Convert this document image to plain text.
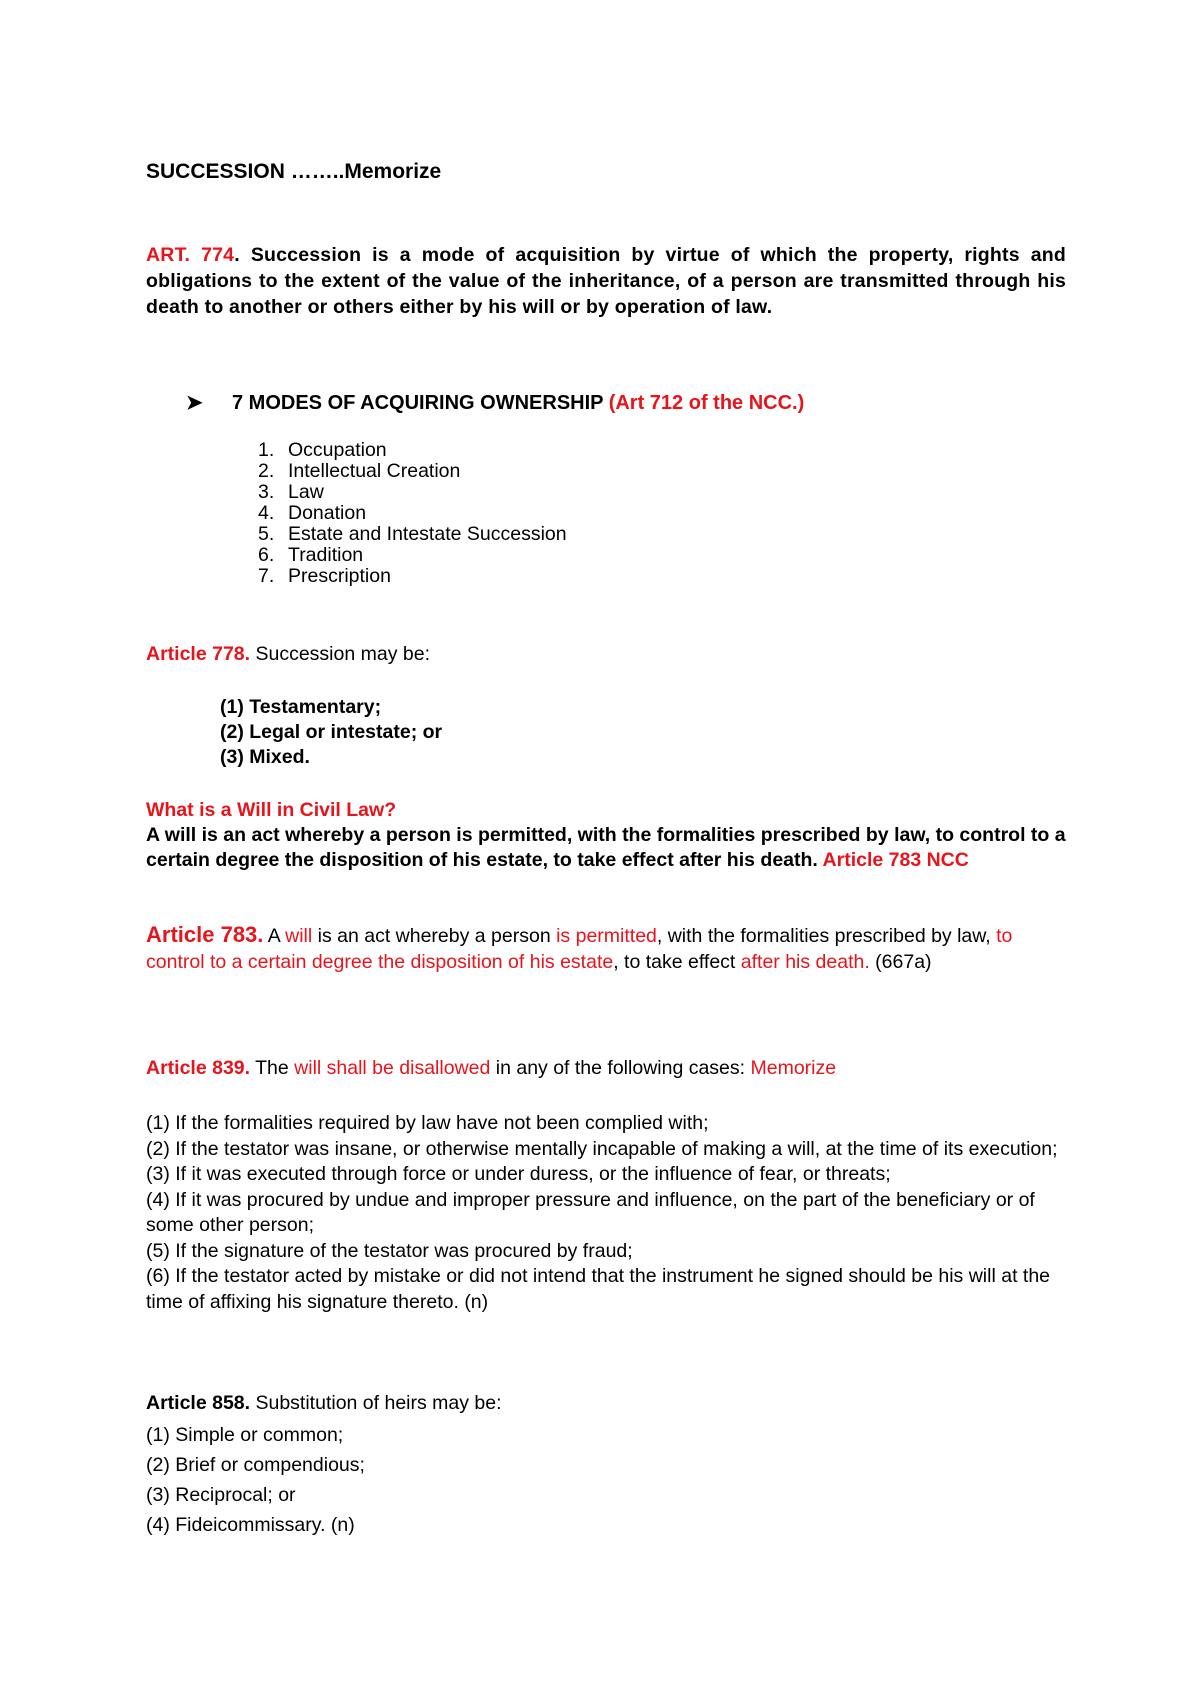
SUCCESSION ……..Memorize
ART. 774. Succession is a mode of acquisition by virtue of which the property, rights and obligations to the extent of the value of the inheritance, of a person are transmitted through his death to another or others either by his will or by operation of law.
➤ 7 MODES OF ACQUIRING OWNERSHIP (Art 712 of the NCC.)
1. Occupation
2. Intellectual Creation
3. Law
4. Donation
5. Estate and Intestate Succession
6. Tradition
7. Prescription
Article 778. Succession may be:
(1) Testamentary;
(2) Legal or intestate; or
(3) Mixed.
What is a Will in Civil Law?
A will is an act whereby a person is permitted, with the formalities prescribed by law, to control to a certain degree the disposition of his estate, to take effect after his death. Article 783 NCC
Article 783. A will is an act whereby a person is permitted, with the formalities prescribed by law, to control to a certain degree the disposition of his estate, to take effect after his death. (667a)
Article 839. The will shall be disallowed in any of the following cases: Memorize
(1) If the formalities required by law have not been complied with;
(2) If the testator was insane, or otherwise mentally incapable of making a will, at the time of its execution;
(3) If it was executed through force or under duress, or the influence of fear, or threats;
(4) If it was procured by undue and improper pressure and influence, on the part of the beneficiary or of some other person;
(5) If the signature of the testator was procured by fraud;
(6) If the testator acted by mistake or did not intend that the instrument he signed should be his will at the time of affixing his signature thereto. (n)
Article 858. Substitution of heirs may be:
(1) Simple or common;
(2) Brief or compendious;
(3) Reciprocal; or
(4) Fideicommissary. (n)
